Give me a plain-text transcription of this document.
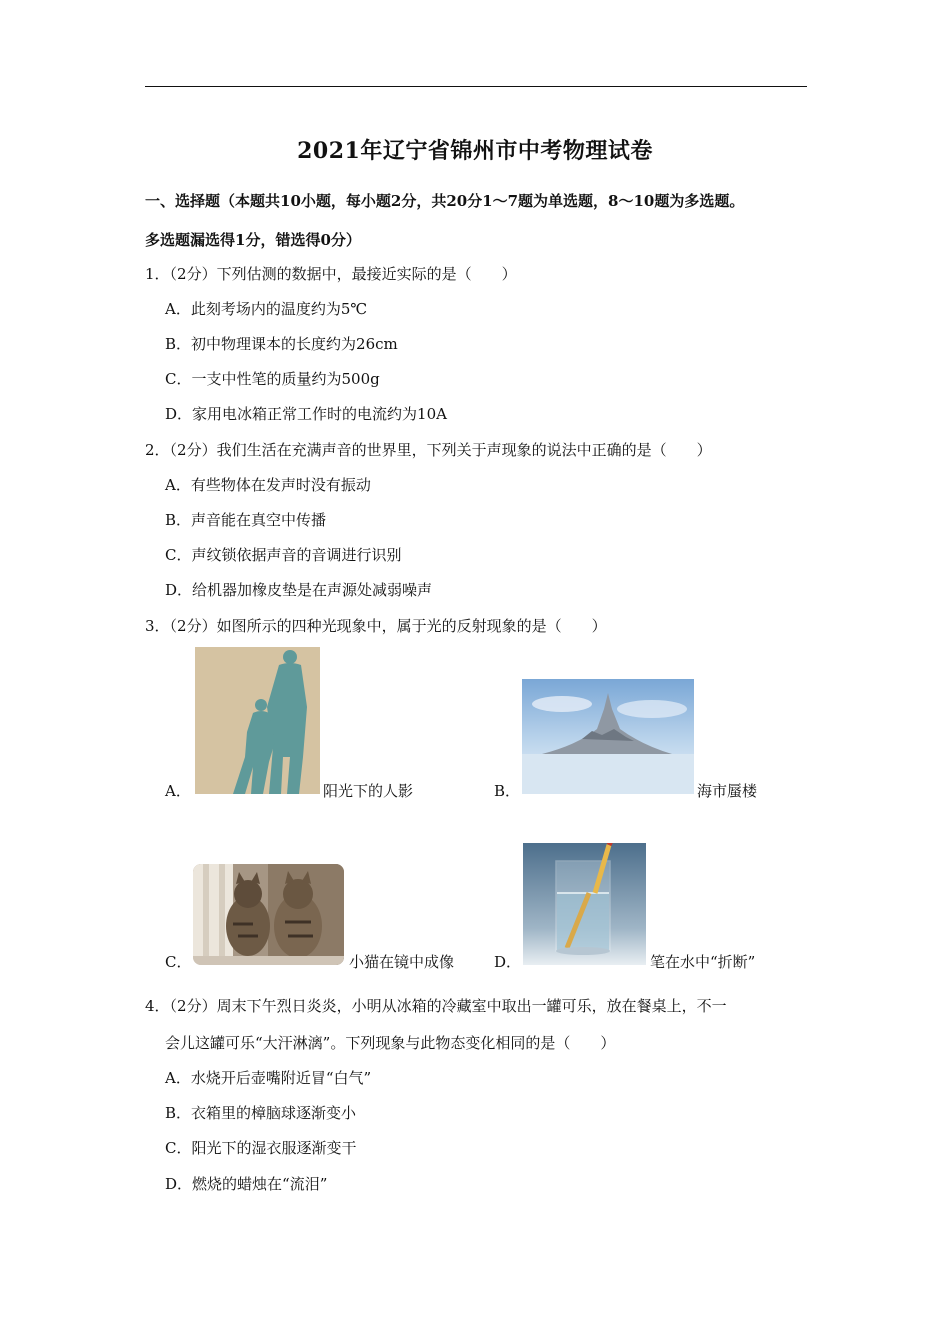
2021年辽宁省锦州市中考物理试卷
一、选择题（本题共10小题，每小题2分，共20分1～7题为单选题，8～10题为多选题。
多选题漏选得1分，错选得0分）
1．（2分）下列估测的数据中，最接近实际的是（　　）
A．此刻考场内的温度约为5℃
B．初中物理课本的长度约为26cm
C．一支中性笔的质量约为500g
D．家用电冰箱正常工作时的电流约为10A
2．（2分）我们生活在充满声音的世界里，下列关于声现象的说法中正确的是（　　）
A．有些物体在发声时没有振动
B．声音能在真空中传播
C．声纹锁依据声音的音调进行识别
D．给机器加橡皮垫是在声源处减弱噪声
3．（2分）如图所示的四种光现象中，属于光的反射现象的是（　　）
A．	阳光下的人影	B．	海市蜃楼
C．	小猫在镜中成像	D．	笔在水中“折断”
4．（2分）周末下午烈日炎炎，小明从冰箱的冷藏室中取出一罐可乐，放在餐桌上，不一
会儿这罐可乐“大汗淋漓”。下列现象与此物态变化相同的是（　　）
A．水烧开后壶嘴附近冒“白气”
B．衣箱里的樟脑球逐渐变小
C．阳光下的湿衣服逐渐变干
D．燃烧的蜡烛在“流泪”
